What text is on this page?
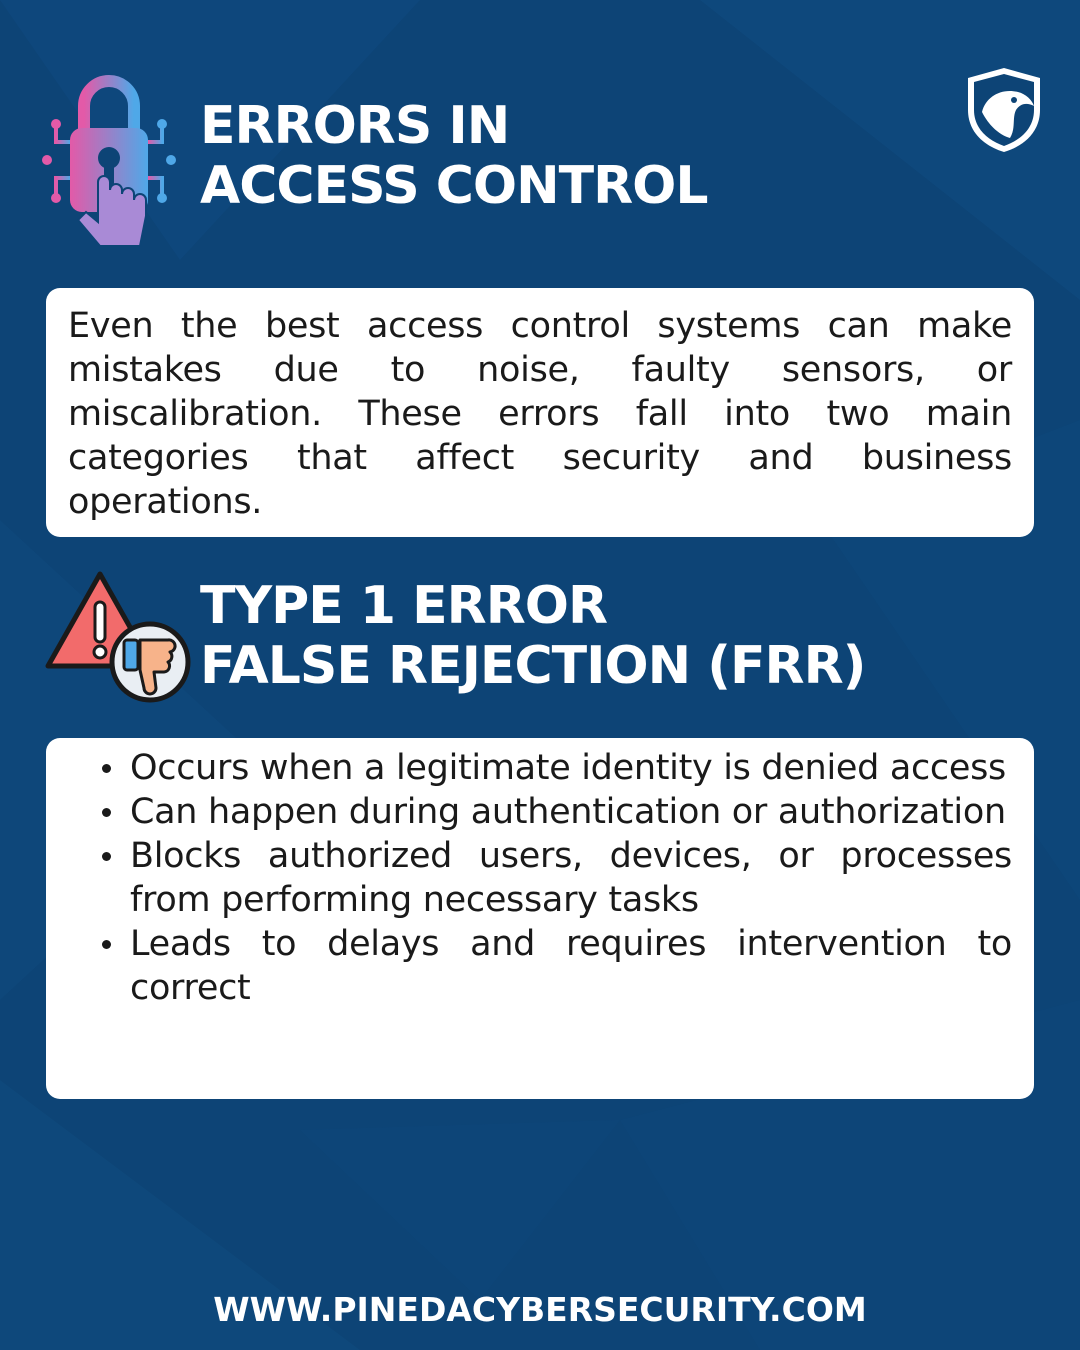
ERRORS IN
ACCESS CONTROL

Even the best access control systems can make mistakes due to noise, faulty sensors, or miscalibration. These errors fall into two main categories that affect security and business operations.

TYPE 1 ERROR
FALSE REJECTION (FRR)
Occurs when a legitimate identity is denied access
Can happen during authentication or authorization
Blocks authorized users, devices, or processes from performing necessary tasks
Leads to delays and requires intervention to correct
WWW.PINEDACYBERSECURITY.COM
